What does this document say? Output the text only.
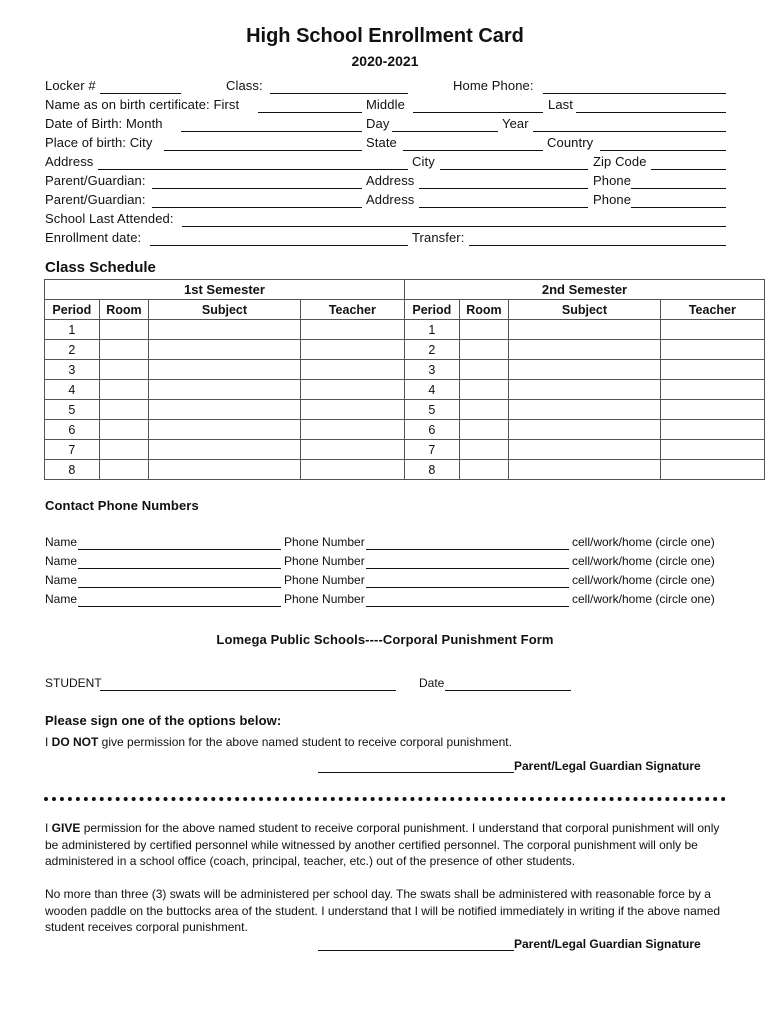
High School Enrollment Card
2020-2021
Locker #	Class:	Home Phone:
Name as on birth certificate: First	Middle	Last
Date of Birth: Month	Day	Year
Place of birth: City	State	Country
Address	City	Zip Code
Parent/Guardian:	Address	Phone
Parent/Guardian:	Address	Phone
School Last Attended:
Enrollment date:	Transfer:
Class Schedule
1st Semester				2nd Semester			
Period	Room	Subject	Teacher		Period	Room	Subject	Teacher
1					1			
2					2			
3					3			
4					4			
5					5			
6					6			
7					7			
8					8			
Contact Phone Numbers
Name	Phone Number	cell/work/home (circle one)
Name	Phone Number	cell/work/home (circle one)
Name	Phone Number	cell/work/home (circle one)
Name	Phone Number	cell/work/home (circle one)
Lomega Public Schools----Corporal Punishment Form
STUDENT	Date
Please sign one of the options below:
I DO NOT give permission for the above named student to receive corporal punishment.
Parent/Legal Guardian Signature
I GIVE permission for the above named student to receive corporal punishment. I understand that corporal punishment will only be administered by certified personnel while witnessed by another certified personnel. The corporal punishment will only be administered in a school office (coach, principal, teacher, etc.) out of the presence of other students.
No more than three (3) swats will be administered per school day. The swats shall be administered with reasonable force by a wooden paddle on the buttocks area of the student. I understand that I will be notified immediately in writing if the above named student receives corporal punishment.
Parent/Legal Guardian Signature
